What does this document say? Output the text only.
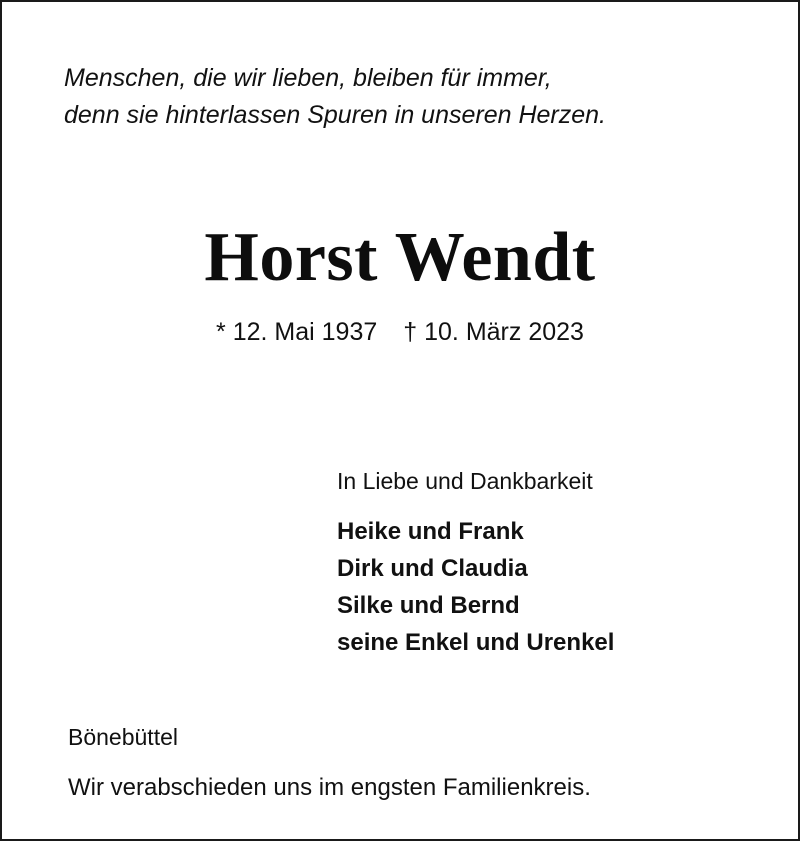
Menschen, die wir lieben, bleiben für immer,
denn sie hinterlassen Spuren in unseren Herzen.
Horst Wendt
* 12. Mai 1937 † 10. März 2023
In Liebe und Dankbarkeit
Heike und Frank
Dirk und Claudia
Silke und Bernd
seine Enkel und Urenkel
Bönebüttel
Wir verabschieden uns im engsten Familienkreis.
